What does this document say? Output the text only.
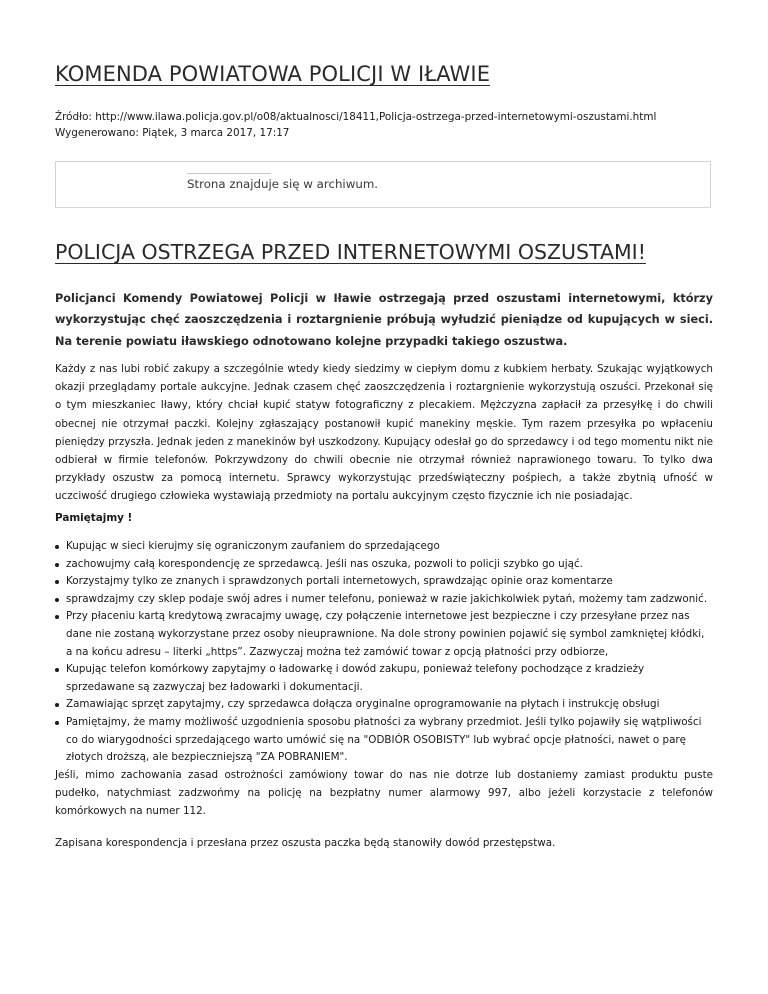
KOMENDA POWIATOWA POLICJI W IŁAWIE
Źródło: http://www.ilawa.policja.gov.pl/o08/aktualnosci/18411,Policja-ostrzega-przed-internetowymi-oszustami.html
Wygenerowano: Piątek, 3 marca 2017, 17:17
Strona znajduje się w archiwum.
POLICJA OSTRZEGA PRZED INTERNETOWYMI OSZUSTAMI!

Policjanci Komendy Powiatowej Policji w Iławie ostrzegają przed oszustami internetowymi, którzy wykorzystując chęć zaoszczędzenia i roztargnienie próbują wyłudzić pieniądze od kupujących w sieci. Na terenie powiatu iławskiego odnotowano kolejne przypadki takiego oszustwa.

Każdy z nas lubi robić zakupy a szczególnie wtedy kiedy siedzimy w ciepłym domu z kubkiem herbaty. Szukając wyjątkowych okazji przeglądamy portale aukcyjne. Jednak czasem chęć zaoszczędzenia i roztargnienie wykorzystują oszuści. Przekonał się o tym mieszkaniec Iławy, który chciał kupić statyw fotograficzny z plecakiem. Mężczyzna zapłacił za przesyłkę i do chwili obecnej nie otrzymał paczki. Kolejny zgłaszający postanowił kupić manekiny męskie. Tym razem przesyłka po wpłaceniu pieniędzy przyszła. Jednak jeden z manekinów był uszkodzony. Kupujący odesłał go do sprzedawcy i od tego momentu nikt nie odbierał w firmie telefonów. Pokrzywdzony do chwili obecnie nie otrzymał również naprawionego towaru. To tylko dwa przykłady oszustw za pomocą internetu. Sprawcy wykorzystując przedświąteczny pośpiech, a także zbytnią ufność w uczciwość drugiego człowieka wystawiają przedmioty na portalu aukcyjnym często fizycznie ich nie posiadając.

Pamiętajmy !

Kupując w sieci kierujmy się ograniczonym zaufaniem do sprzedającego
zachowujmy całą korespondencję ze sprzedawcą. Jeśli nas oszuka, pozwoli to policji szybko go ująć.
Korzystajmy tylko ze znanych i sprawdzonych portali internetowych, sprawdzając opinie oraz komentarze
sprawdzajmy czy sklep podaje swój adres i numer telefonu, ponieważ w razie jakichkolwiek pytań, możemy tam zadzwonić.
Przy płaceniu kartą kredytową zwracajmy uwagę, czy połączenie internetowe jest bezpieczne i czy przesyłane przez nas dane nie zostaną wykorzystane przez osoby nieuprawnione. Na dole strony powinien pojawić się symbol zamkniętej kłódki, a na końcu adresu – literki „https”. Zazwyczaj można też zamówić towar z opcją płatności przy odbiorze,
Kupując telefon komórkowy zapytajmy o ładowarkę i dowód zakupu, ponieważ telefony pochodzące z kradzieży sprzedawane są zazwyczaj bez ładowarki i dokumentacji.
Zamawiając sprzęt zapytajmy, czy sprzedawca dołącza oryginalne oprogramowanie na płytach i instrukcję obsługi
Pamiętajmy, że mamy możliwość uzgodnienia sposobu płatności za wybrany przedmiot. Jeśli tylko pojawiły się wątpliwości co do wiarygodności sprzedającego warto umówić się na "ODBIÓR OSOBISTY" lub wybrać opcje płatności, nawet o parę złotych droższą, ale bezpieczniejszą "ZA POBRANIEM".

Jeśli, mimo zachowania zasad ostrożności zamówiony towar do nas nie dotrze lub dostaniemy zamiast produktu puste pudełko, natychmiast zadzwońmy na policję na bezpłatny numer alarmowy 997, albo jeżeli korzystacie z telefonów komórkowych na numer 112.

Zapisana korespondencja i przesłana przez oszusta paczka będą stanowiły dowód przestępstwa.
